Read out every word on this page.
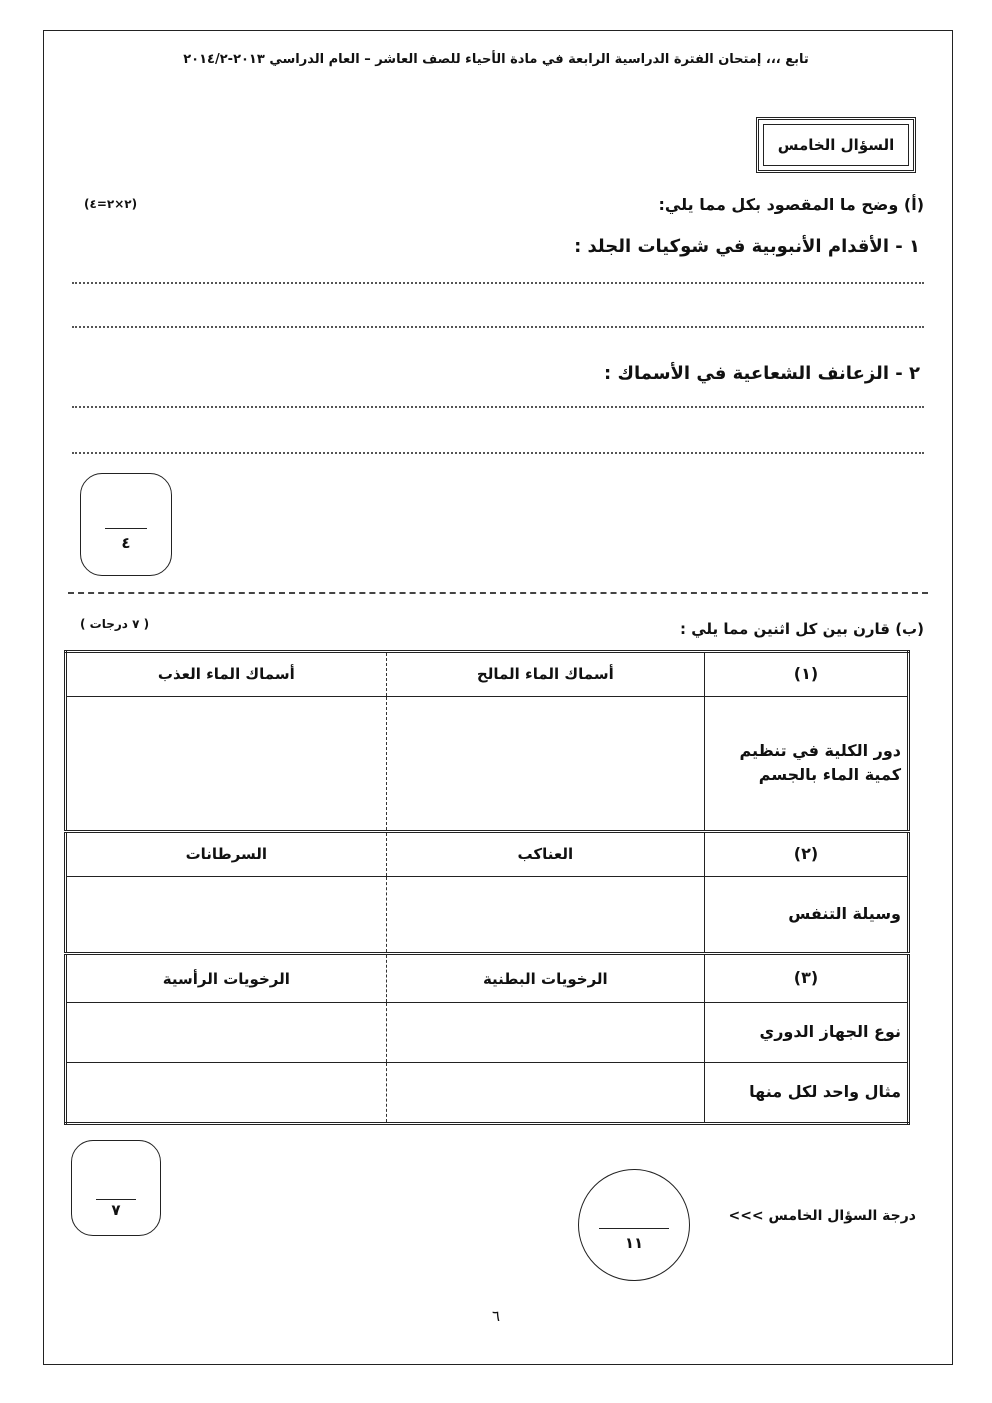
تابع ،،، إمتحان الفترة الدراسية الرابعة في مادة الأحياء للصف العاشر – العام الدراسي ٢٠١٣-٢٠١٤/٢
السؤال الخامس
(أ) وضح ما المقصود بكل مما يلي:
(٢×٢=٤)
١ - الأقدام الأنبوبية في شوكيات الجلد :
٢ - الزعانف الشعاعية في الأسماك :
٤
(ب) قارن بين كل اثنين مما يلي :
( ٧ درجات )
(١)	أسماك الماء المالح	أسماك الماء العذب
دور الكلية في تنظيم كمية الماء بالجسم		
(٢)	العناكب	السرطانات
وسيلة التنفس		
(٣)	الرخويات البطنية	الرخويات الرأسية
نوع الجهاز الدوري		
مثال واحد لكل منها		
٧
١١
درجة السؤال الخامس >>>
٦
